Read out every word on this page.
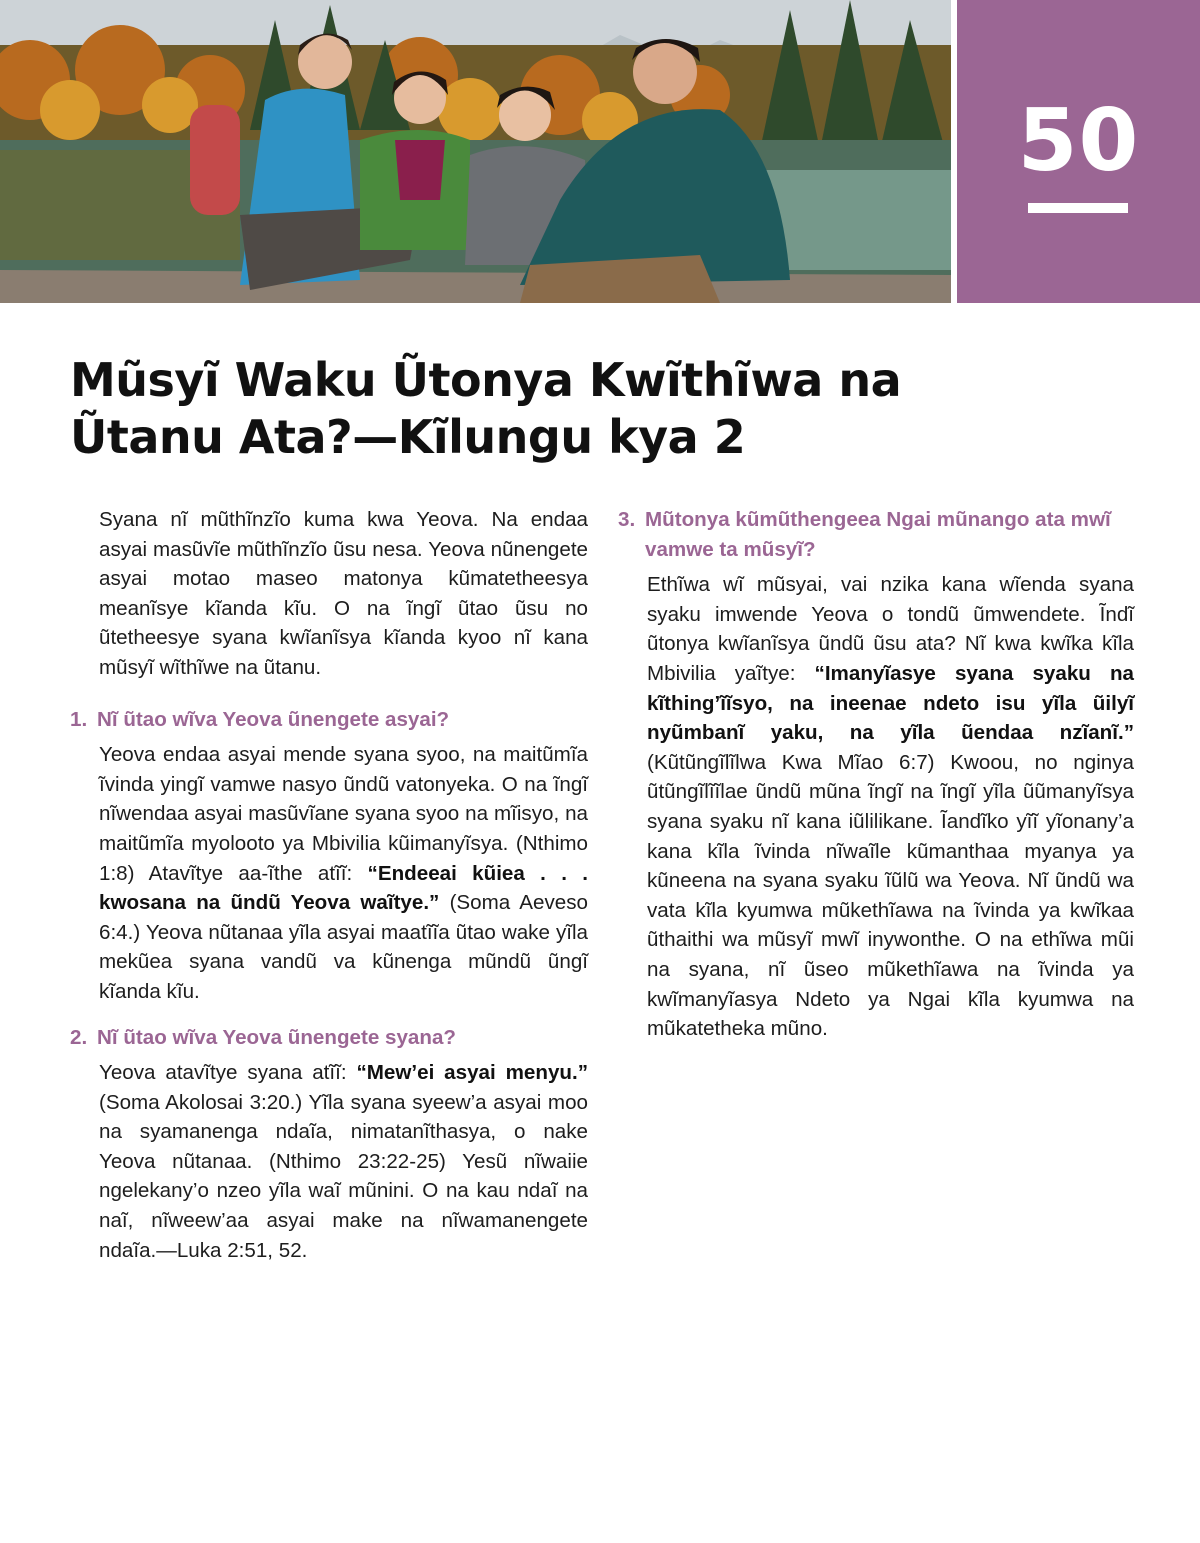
50
Mũsyĩ Waku Ũtonya Kwĩthĩwa na Ũtanu Ata?—Kĩlungu kya 2

Syana nĩ mũthĩnzĩo kuma kwa Yeova. Na endaa asyai masũvĩe mũthĩnzĩo ũsu nesa. Yeova nũnengete asyai motao maseo matonya kũmatetheesya meanĩsye kĩanda kĩu. O na ĩngĩ ũtao ũsu no ũtetheesye syana kwĩanĩsya kĩanda kyoo nĩ kana mũsyĩ wĩthĩwe na ũtanu.

1. Nĩ ũtao wĩva Yeova ũnengete asyai?

Yeova endaa asyai mende syana syoo, na maitũmĩa ĩvinda yingĩ vamwe nasyo ũndũ vatonyeka. O na ĩngĩ nĩwendaa asyai masũvĩane syana syoo na mĩisyo, na maitũmĩa myolooto ya Mbivilia kũimanyĩsya. (Nthimo 1:8) Atavĩtye aa-ĩthe atĩĩ: “Endeeai kũiea . . . kwosana na ũndũ Yeova waĩtye.” (Soma Aeveso 6:4.) Yeova nũtanaa yĩla asyai maatĩĩa ũtao wake yĩla mekũea syana vandũ va kũnenga mũndũ ũngĩ kĩanda kĩu.

2. Nĩ ũtao wĩva Yeova ũnengete syana?

Yeova atavĩtye syana atĩĩ: “Mew’ei asyai menyu.” (Soma Akolosai 3:20.) Yĩla syana syeew’a asyai moo na syamanenga ndaĩa, nimatanĩthasya, o nake Yeova nũtanaa. (Nthimo 23:22-25) Yesũ nĩwaiie ngelekany’o nzeo yĩla waĩ mũnini. O na kau ndaĩ na naĩ, nĩweew’aa asyai make na nĩwamanengete ndaĩa.—Luka 2:51, 52.

3. Mũtonya kũmũthengeea Ngai mũnango ata mwĩ vamwe ta mũsyĩ?

Ethĩwa wĩ mũsyai, vai nzika kana wĩenda syana syaku imwende Yeova o tondũ ũmwendete. Ĩndĩ ũtonya kwĩanĩsya ũndũ ũsu ata? Nĩ kwa kwĩka kĩla Mbivilia yaĩtye: “Imanyĩasye syana syaku na kĩthing’ĩĩsyo, na ineenae ndeto isu yĩla ũilyĩ nyũmbanĩ yaku, na yĩla ũendaa nzĩanĩ.” (Kũtũngĩlĩlwa Kwa Mĩao 6:7) Kwoou, no nginya ũtũngĩlĩĩlae ũndũ mũna ĩngĩ na ĩngĩ yĩla ũũmanyĩsya syana syaku nĩ kana iũlilikane. Ĩandĩko yĩĩ yĩonany’a kana kĩla ĩvinda nĩwaĩle kũmanthaa myanya ya kũneena na syana syaku ĩũlũ wa Yeova. Nĩ ũndũ wa vata kĩla kyumwa mũkethĩawa na ĩvinda ya kwĩkaa ũthaithi wa mũsyĩ mwĩ inywonthe. O na ethĩwa mũi na syana, nĩ ũseo mũkethĩawa na ĩvinda ya kwĩmanyĩasya Ndeto ya Ngai kĩla kyumwa na mũkatetheka mũno.
